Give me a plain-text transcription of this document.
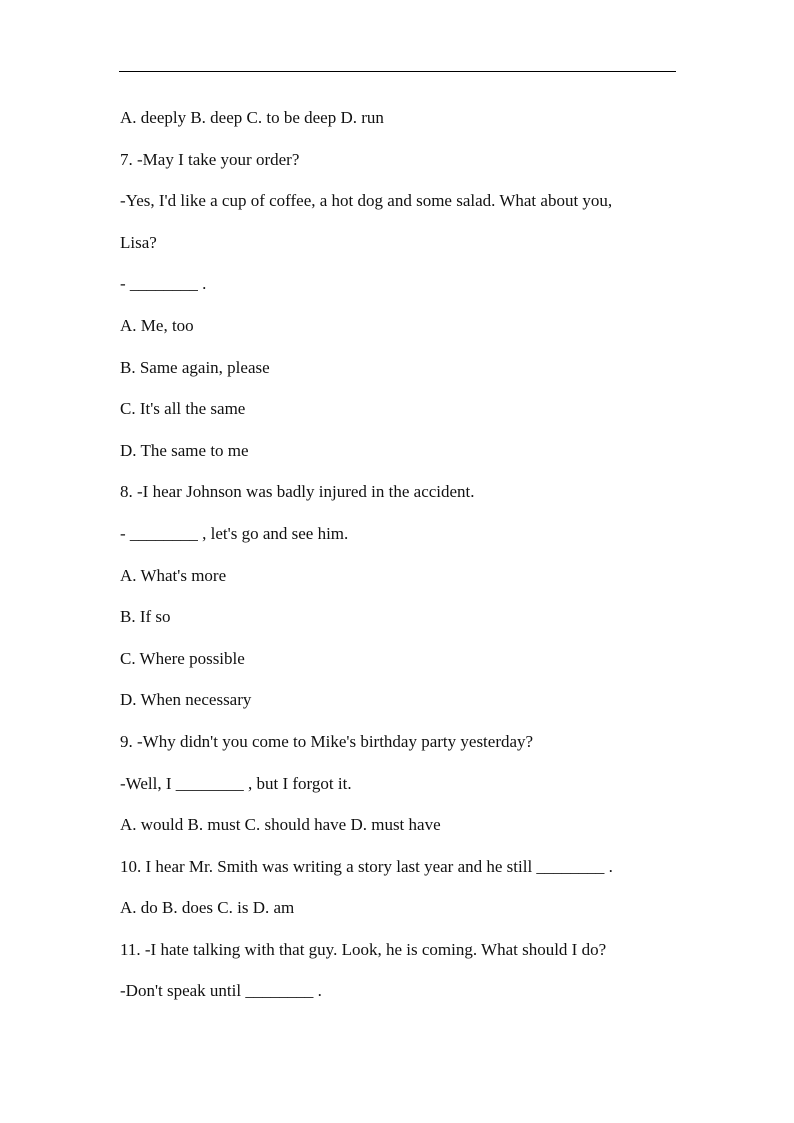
A. deeply B. deep C. to be deep D. run
7. -May I take your order?
-Yes, I'd like a cup of coffee, a hot dog and some salad. What about you,
Lisa?
- ________ .
A. Me, too
B. Same again, please
C. It's all the same
D. The same to me
8. -I hear Johnson was badly injured in the accident.
- ________ , let's go and see him.
A. What's more
B. If so
C. Where possible
D. When necessary
9. -Why didn't you come to Mike's birthday party yesterday?
-Well, I ________ , but I forgot it.
A. would B. must C. should have D. must have
10. I hear Mr. Smith was writing a story last year and he still ________ .
A. do B. does C. is D. am
11. -I hate talking with that guy. Look, he is coming. What should I do?
-Don't speak until ________ .
